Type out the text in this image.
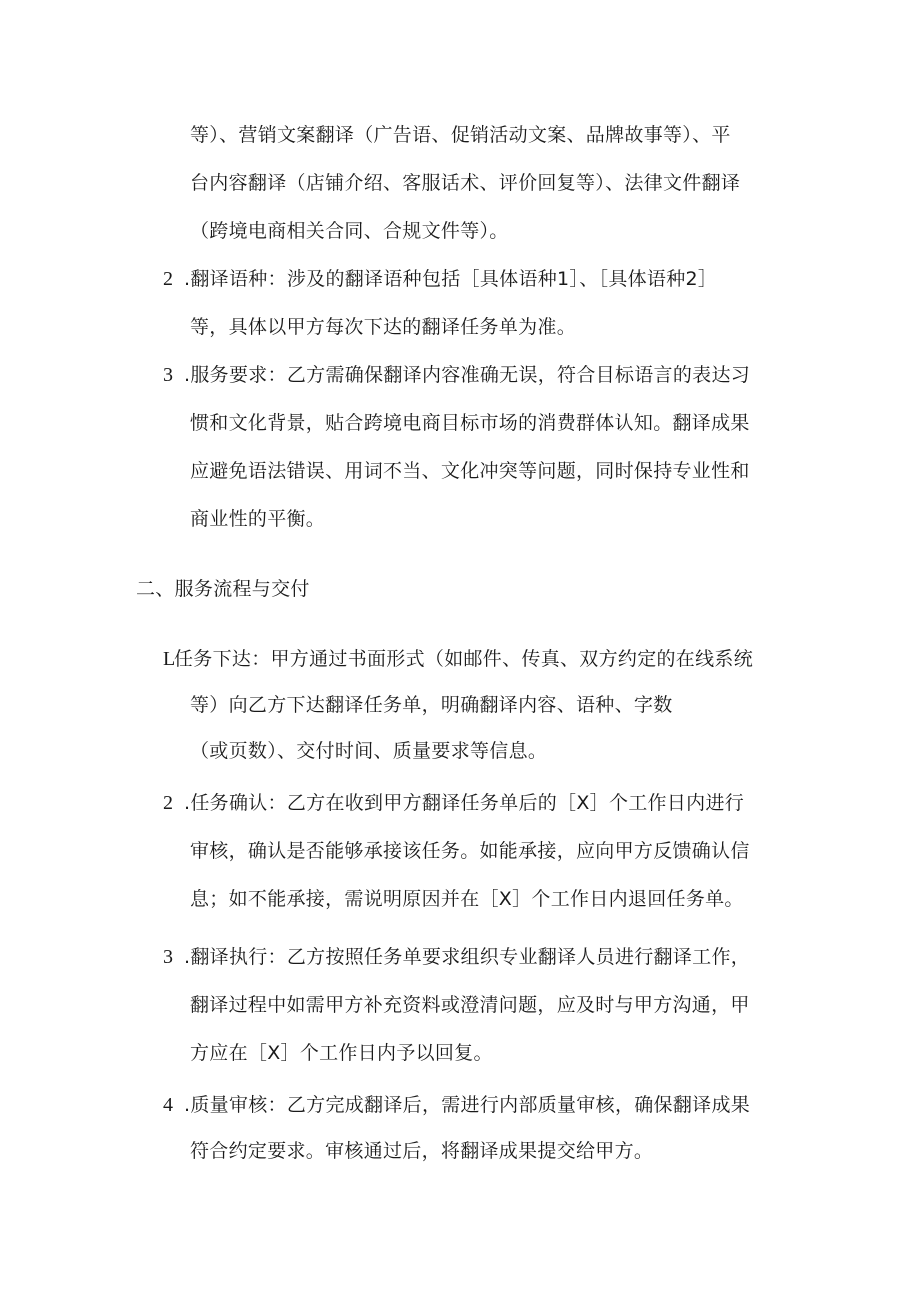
等）、营销文案翻译（广告语、促销活动文案、品牌故事等）、平
台内容翻译（店铺介绍、客服话术、评价回复等）、法律文件翻译
（跨境电商相关合同、合规文件等）。
2 .翻译语种：涉及的翻译语种包括［具体语种1］、［具体语种2］
等，具体以甲方每次下达的翻译任务单为准。
3 .服务要求：乙方需确保翻译内容准确无误，符合目标语言的表达习
惯和文化背景，贴合跨境电商目标市场的消费群体认知。翻译成果
应避免语法错误、用词不当、文化冲突等问题，同时保持专业性和
商业性的平衡。
二、服务流程与交付
L
任务下达：甲方通过书面形式（如邮件、传真、双方约定的在线系统
等）向乙方下达翻译任务单，明确翻译内容、语种、字数
（或页数）、交付时间、质量要求等信息。
2 .任务确认：乙方在收到甲方翻译任务单后的［X］个工作日内进行
审核，确认是否能够承接该任务。如能承接，应向甲方反馈确认信
息；如不能承接，需说明原因并在［X］个工作日内退回任务单。
3 .翻译执行：乙方按照任务单要求组织专业翻译人员进行翻译工作，
翻译过程中如需甲方补充资料或澄清问题，应及时与甲方沟通，甲
方应在［X］个工作日内予以回复。
4 .质量审核：乙方完成翻译后，需进行内部质量审核，确保翻译成果
符合约定要求。审核通过后，将翻译成果提交给甲方。
